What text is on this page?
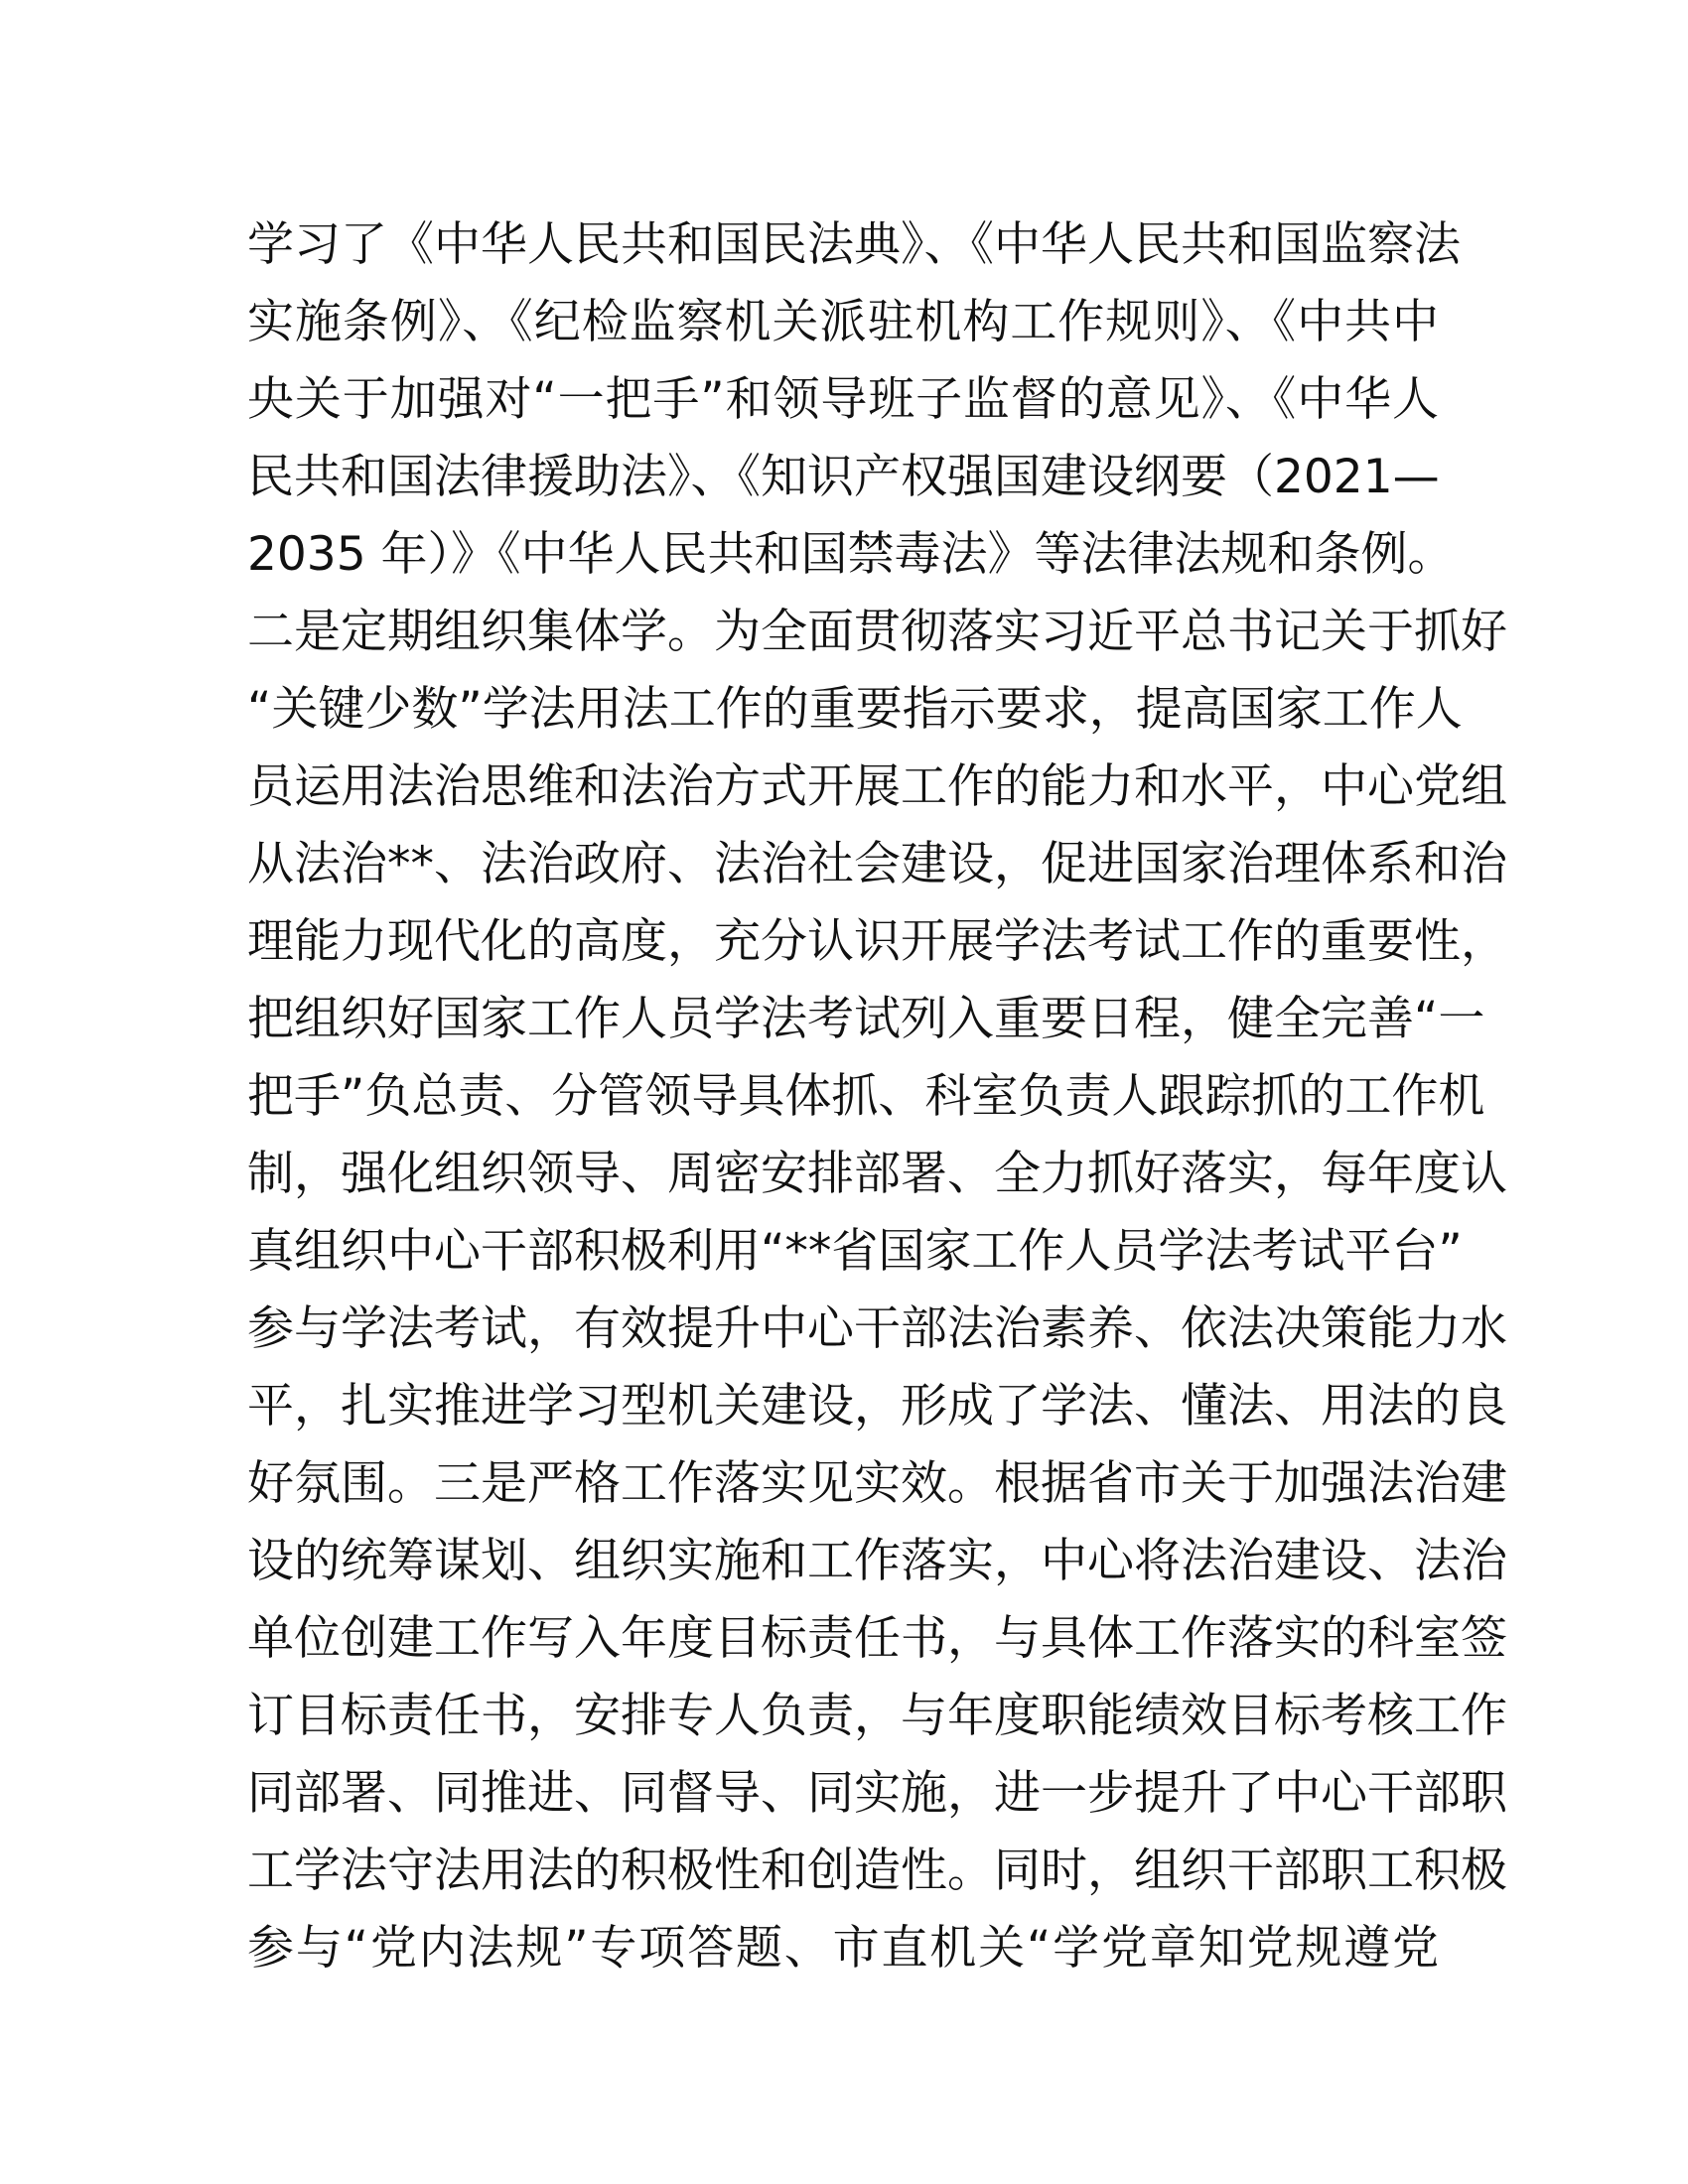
学习了《中华人民共和国民法典》、《中华人民共和国监察法
实施条例》、《纪检监察机关派驻机构工作规则》、《中共中
央关于加强对“一把手”和领导班子监督的意见》、《中华人
民共和国法律援助法》、《知识产权强国建设纲要（2021—
2035 年）》《中华人民共和国禁毒法》等法律法规和条例。
二是定期组织集体学。为全面贯彻落实习近平总书记关于抓好
“关键少数”学法用法工作的重要指示要求，提高国家工作人
员运用法治思维和法治方式开展工作的能力和水平，中心党组
从法治**、法治政府、法治社会建设，促进国家治理体系和治
理能力现代化的高度，充分认识开展学法考试工作的重要性，
把组织好国家工作人员学法考试列入重要日程，健全完善“一
把手”负总责、分管领导具体抓、科室负责人跟踪抓的工作机
制，强化组织领导、周密安排部署、全力抓好落实，每年度认
真组织中心干部积极利用“**省国家工作人员学法考试平台”
参与学法考试，有效提升中心干部法治素养、依法决策能力水
平，扎实推进学习型机关建设，形成了学法、懂法、用法的良
好氛围。三是严格工作落实见实效。根据省市关于加强法治建
设的统筹谋划、组织实施和工作落实，中心将法治建设、法治
单位创建工作写入年度目标责任书，与具体工作落实的科室签
订目标责任书，安排专人负责，与年度职能绩效目标考核工作
同部署、同推进、同督导、同实施，进一步提升了中心干部职
工学法守法用法的积极性和创造性。同时，组织干部职工积极
参与“党内法规”专项答题、市直机关“学党章知党规遵党
